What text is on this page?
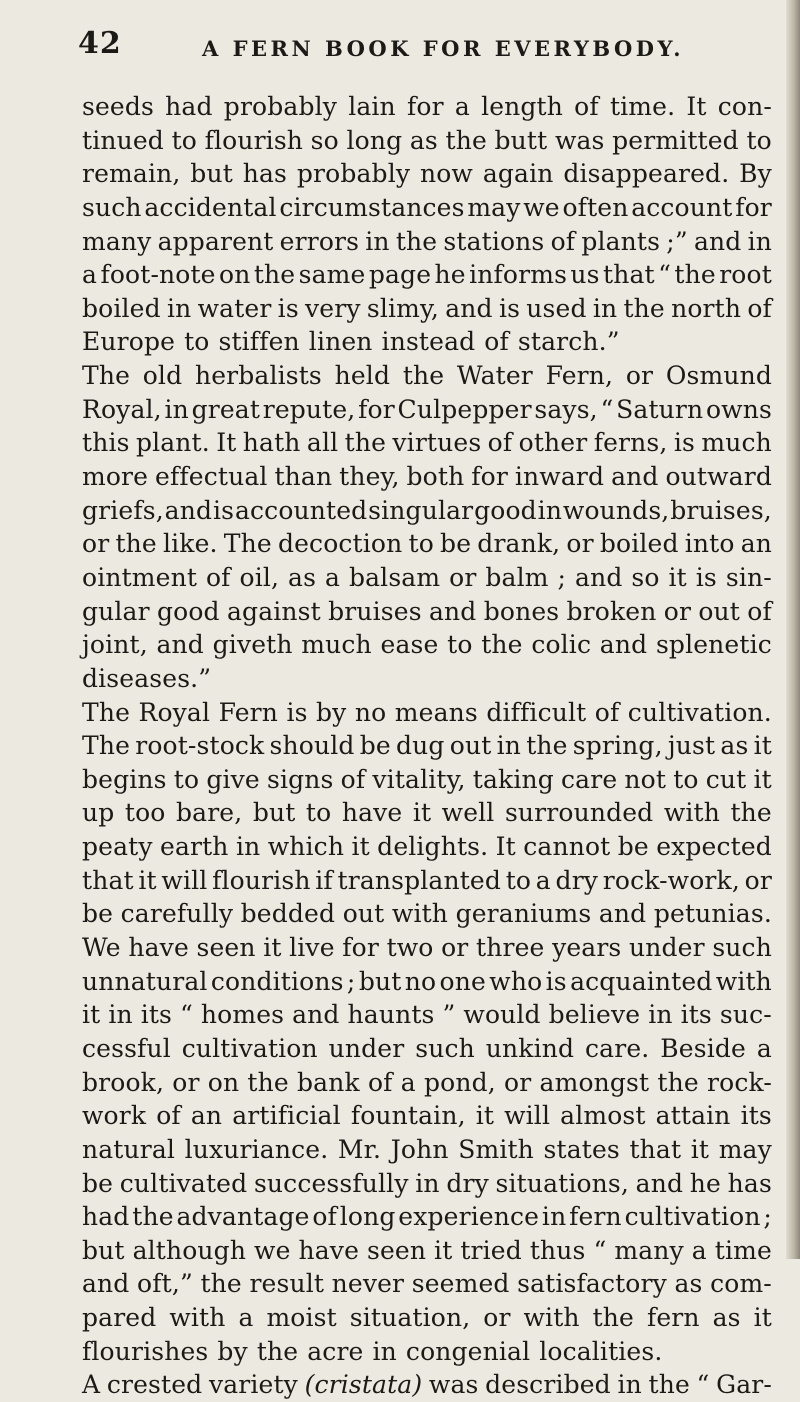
42	A FERN BOOK FOR EVERYBODY.
seeds had probably lain for a length of time. It con-
tinued to flourish so long as the butt was permitted to
remain, but has probably now again disappeared. By
such accidental circumstances may we often account for
many apparent errors in the stations of plants ;” and in
a foot-note on the same page he informs us that “ the root
boiled in water is very slimy, and is used in the north of
Europe to stiffen linen instead of starch.”
The old herbalists held the Water Fern, or Osmund
Royal, in great repute, for Culpepper says, “ Saturn owns
this plant. It hath all the virtues of other ferns, is much
more effectual than they, both for inward and outward
griefs, and is accounted singular good in wounds, bruises,
or the like. The decoction to be drank, or boiled into an
ointment of oil, as a balsam or balm ; and so it is sin-
gular good against bruises and bones broken or out of
joint, and giveth much ease to the colic and splenetic
diseases.”
The Royal Fern is by no means difficult of cultivation.
The root-stock should be dug out in the spring, just as it
begins to give signs of vitality, taking care not to cut it
up too bare, but to have it well surrounded with the
peaty earth in which it delights. It cannot be expected
that it will flourish if transplanted to a dry rock-work, or
be carefully bedded out with geraniums and petunias.
We have seen it live for two or three years under such
unnatural conditions ; but no one who is acquainted with
it in its “ homes and haunts ” would believe in its suc-
cessful cultivation under such unkind care. Beside a
brook, or on the bank of a pond, or amongst the rock-
work of an artificial fountain, it will almost attain its
natural luxuriance. Mr. John Smith states that it may
be cultivated successfully in dry situations, and he has
had the advantage of long experience in fern cultivation ;
but although we have seen it tried thus “ many a time
and oft,” the result never seemed satisfactory as com-
pared with a moist situation, or with the fern as it
flourishes by the acre in congenial localities.
A crested variety (cristata) was described in the “ Gar-
